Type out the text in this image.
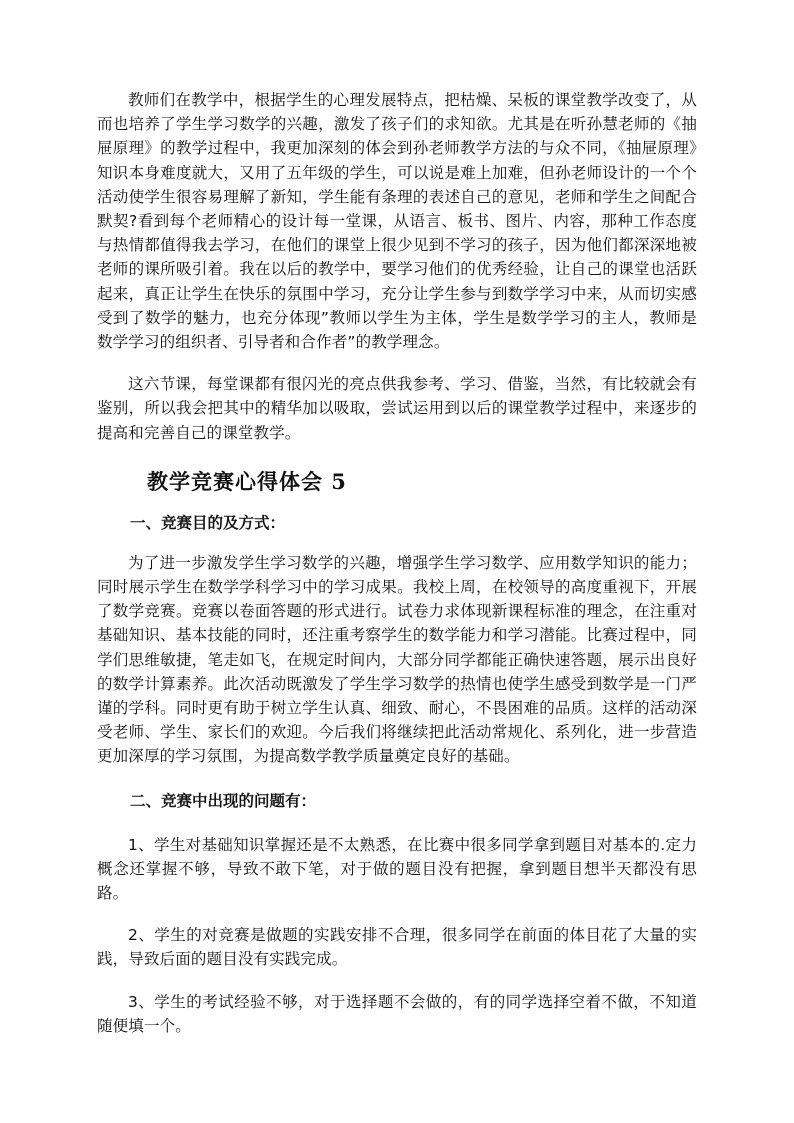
教师们在教学中，根据学生的心理发展特点，把枯燥、呆板的课堂教学改变了，从而也培养了学生学习数学的兴趣，激发了孩子们的求知欲。尤其是在听孙慧老师的《抽屉原理》的教学过程中，我更加深刻的体会到孙老师教学方法的与众不同，《抽屉原理》知识本身难度就大，又用了五年级的学生，可以说是难上加难，但孙老师设计的一个个活动使学生很容易理解了新知，学生能有条理的表述自己的意见，老师和学生之间配合默契?看到每个老师精心的设计每一堂课，从语言、板书、图片、内容，那种工作态度与热情都值得我去学习，在他们的课堂上很少见到不学习的孩子，因为他们都深深地被老师的课所吸引着。我在以后的教学中，要学习他们的优秀经验，让自己的课堂也活跃起来，真正让学生在快乐的氛围中学习，充分让学生参与到数学学习中来，从而切实感受到了数学的魅力，也充分体现”教师以学生为主体，学生是数学学习的主人，教师是数学学习的组织者、引导者和合作者”的教学理念。

这六节课，每堂课都有很闪光的亮点供我参考、学习、借鉴，当然，有比较就会有鉴别，所以我会把其中的精华加以吸取，尝试运用到以后的课堂教学过程中，来逐步的提高和完善自己的课堂教学。

教学竞赛心得体会 5
一、竞赛目的及方式：

为了进一步激发学生学习数学的兴趣，增强学生学习数学、应用数学知识的能力；同时展示学生在数学学科学习中的学习成果。我校上周，在校领导的高度重视下，开展了数学竞赛。竞赛以卷面答题的形式进行。试卷力求体现新课程标准的理念，在注重对基础知识、基本技能的同时，还注重考察学生的数学能力和学习潜能。比赛过程中，同学们思维敏捷，笔走如飞，在规定时间内，大部分同学都能正确快速答题，展示出良好的数学计算素养。此次活动既激发了学生学习数学的热情也使学生感受到数学是一门严谨的学科。同时更有助于树立学生认真、细致、耐心，不畏困难的品质。这样的活动深受老师、学生、家长们的欢迎。今后我们将继续把此活动常规化、系列化，进一步营造更加深厚的学习氛围，为提高数学教学质量奠定良好的基础。

二、竞赛中出现的问题有：

1、学生对基础知识掌握还是不太熟悉，在比赛中很多同学拿到题目对基本的.定力概念还掌握不够，导致不敢下笔，对于做的题目没有把握，拿到题目想半天都没有思路。

2、学生的对竞赛是做题的实践安排不合理，很多同学在前面的体目花了大量的实践，导致后面的题目没有实践完成。

3、学生的考试经验不够，对于选择题不会做的，有的同学选择空着不做，不知道随便填一个。
